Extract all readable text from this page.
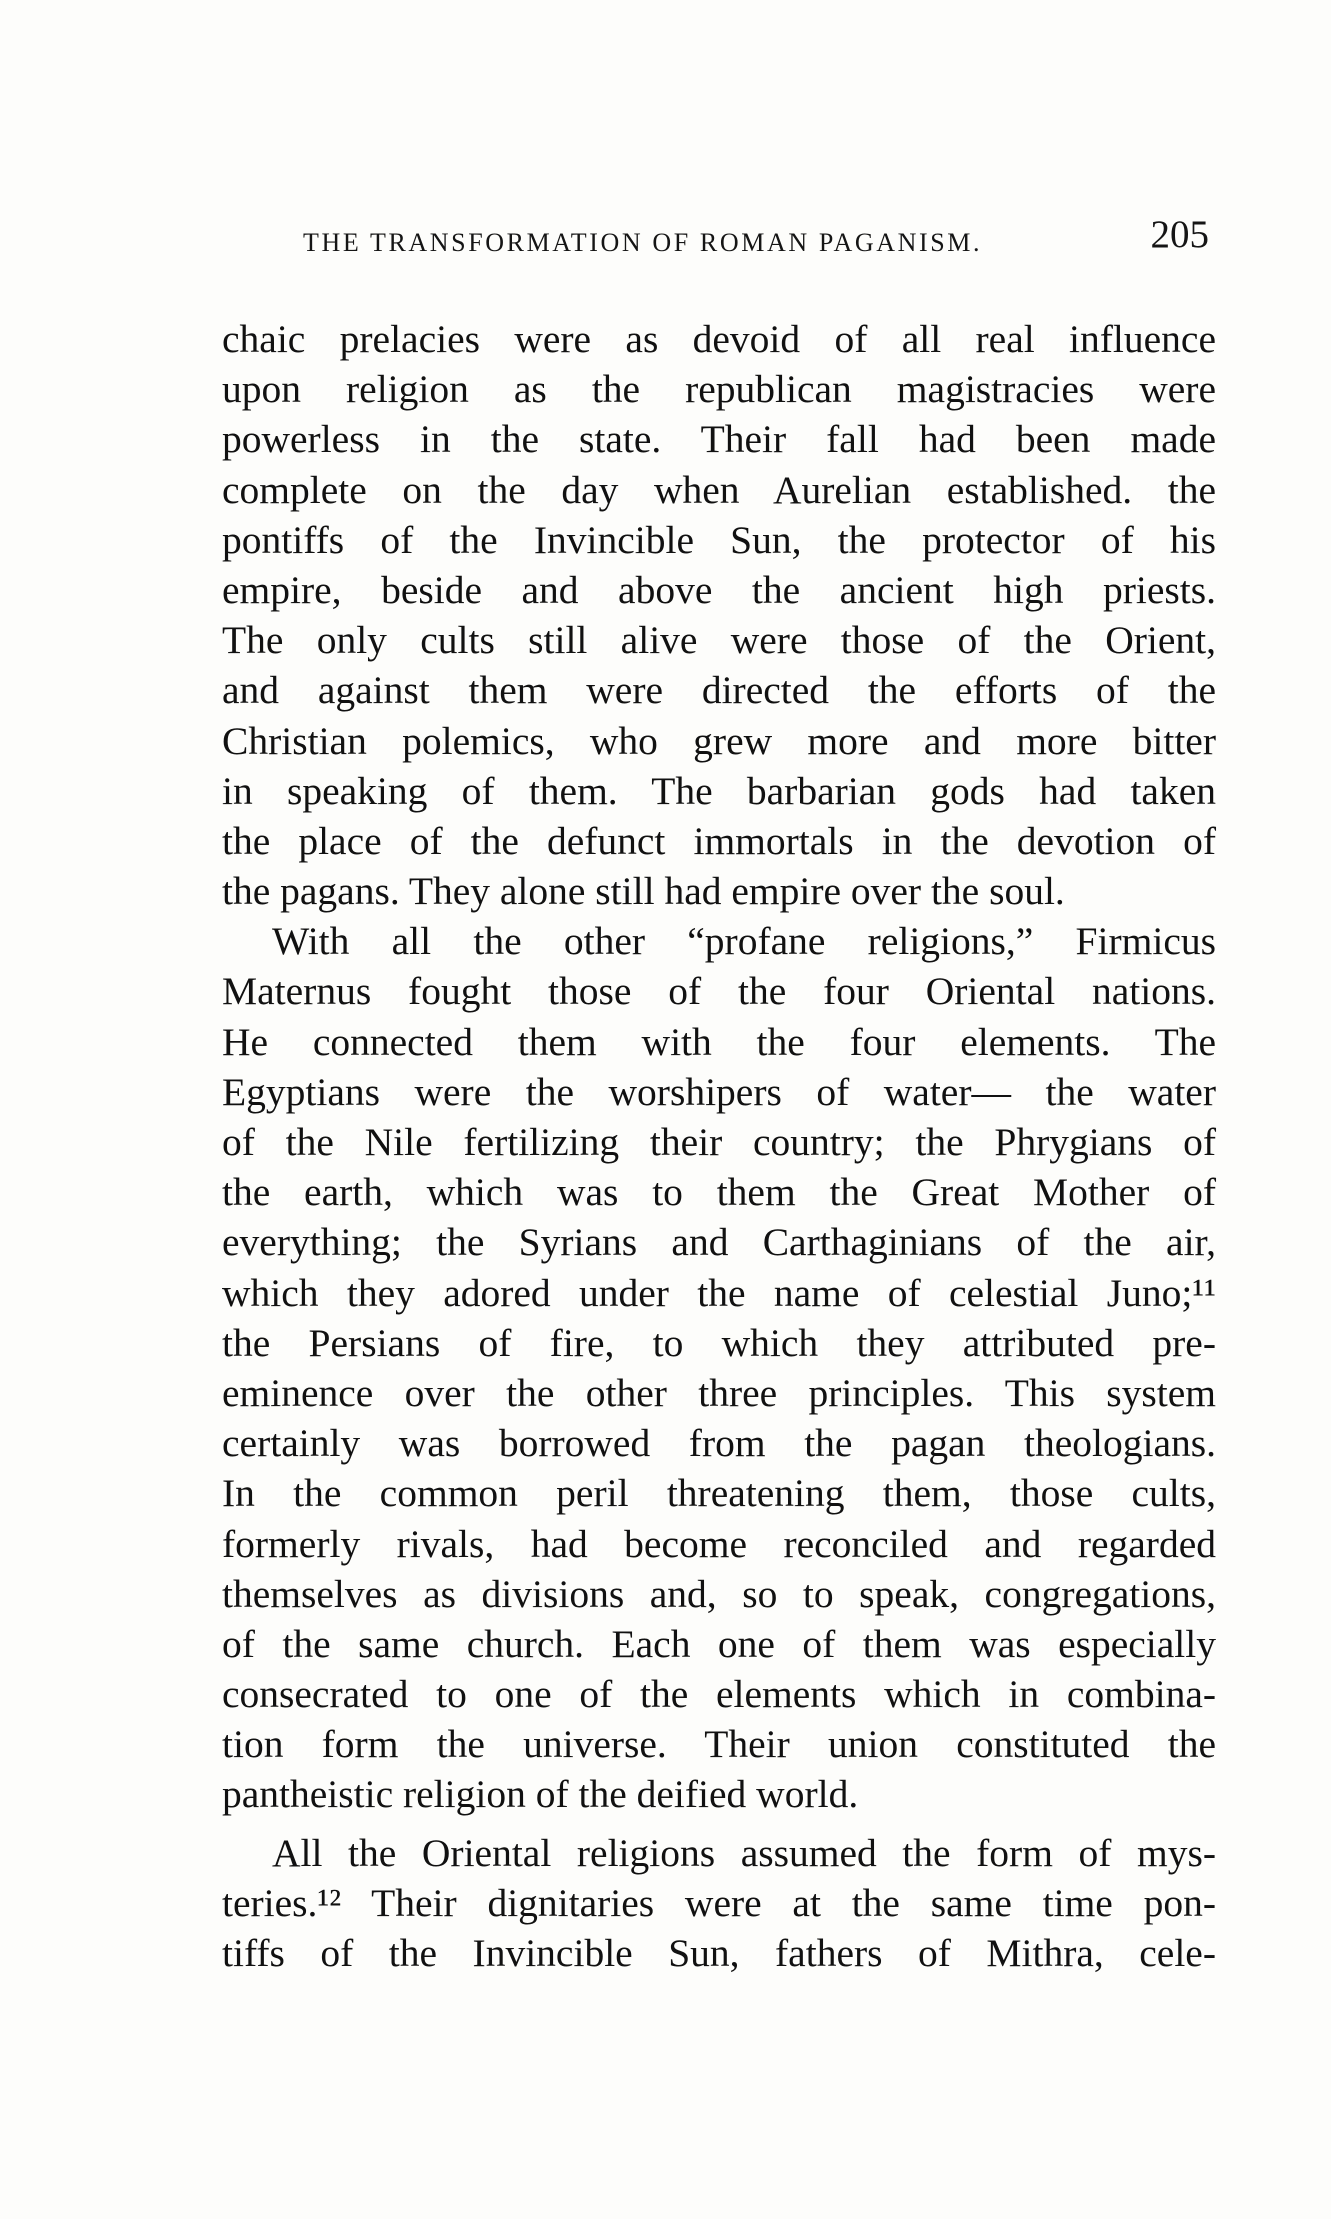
THE TRANSFORMATION OF ROMAN PAGANISM.	205
chaic prelacies were as devoid of all real influence
upon religion as the republican magistracies were
powerless in the state. Their fall had been made
complete on the day when Aurelian established. the
pontiffs of the Invincible Sun, the protector of his
empire, beside and above the ancient high priests.
The only cults still alive were those of the Orient,
and against them were directed the efforts of the
Christian polemics, who grew more and more bitter
in speaking of them. The barbarian gods had taken
the place of the defunct immortals in the devotion of
the pagans. They alone still had empire over the soul.
With all the other “profane religions,” Firmicus
Maternus fought those of the four Oriental nations.
He connected them with the four elements. The
Egyptians were the worshipers of water— the water
of the Nile fertilizing their country; the Phrygians of
the earth, which was to them the Great Mother of
everything; the Syrians and Carthaginians of the air,
which they adored under the name of celestial Juno;¹¹
the Persians of fire, to which they attributed pre-
eminence over the other three principles. This system
certainly was borrowed from the pagan theologians.
In the common peril threatening them, those cults,
formerly rivals, had become reconciled and regarded
themselves as divisions and, so to speak, congregations,
of the same church. Each one of them was especially
consecrated to one of the elements which in combina-
tion form the universe. Their union constituted the
pantheistic religion of the deified world.
All the Oriental religions assumed the form of mys-
teries.¹² Their dignitaries were at the same time pon-
tiffs of the Invincible Sun, fathers of Mithra, cele-
